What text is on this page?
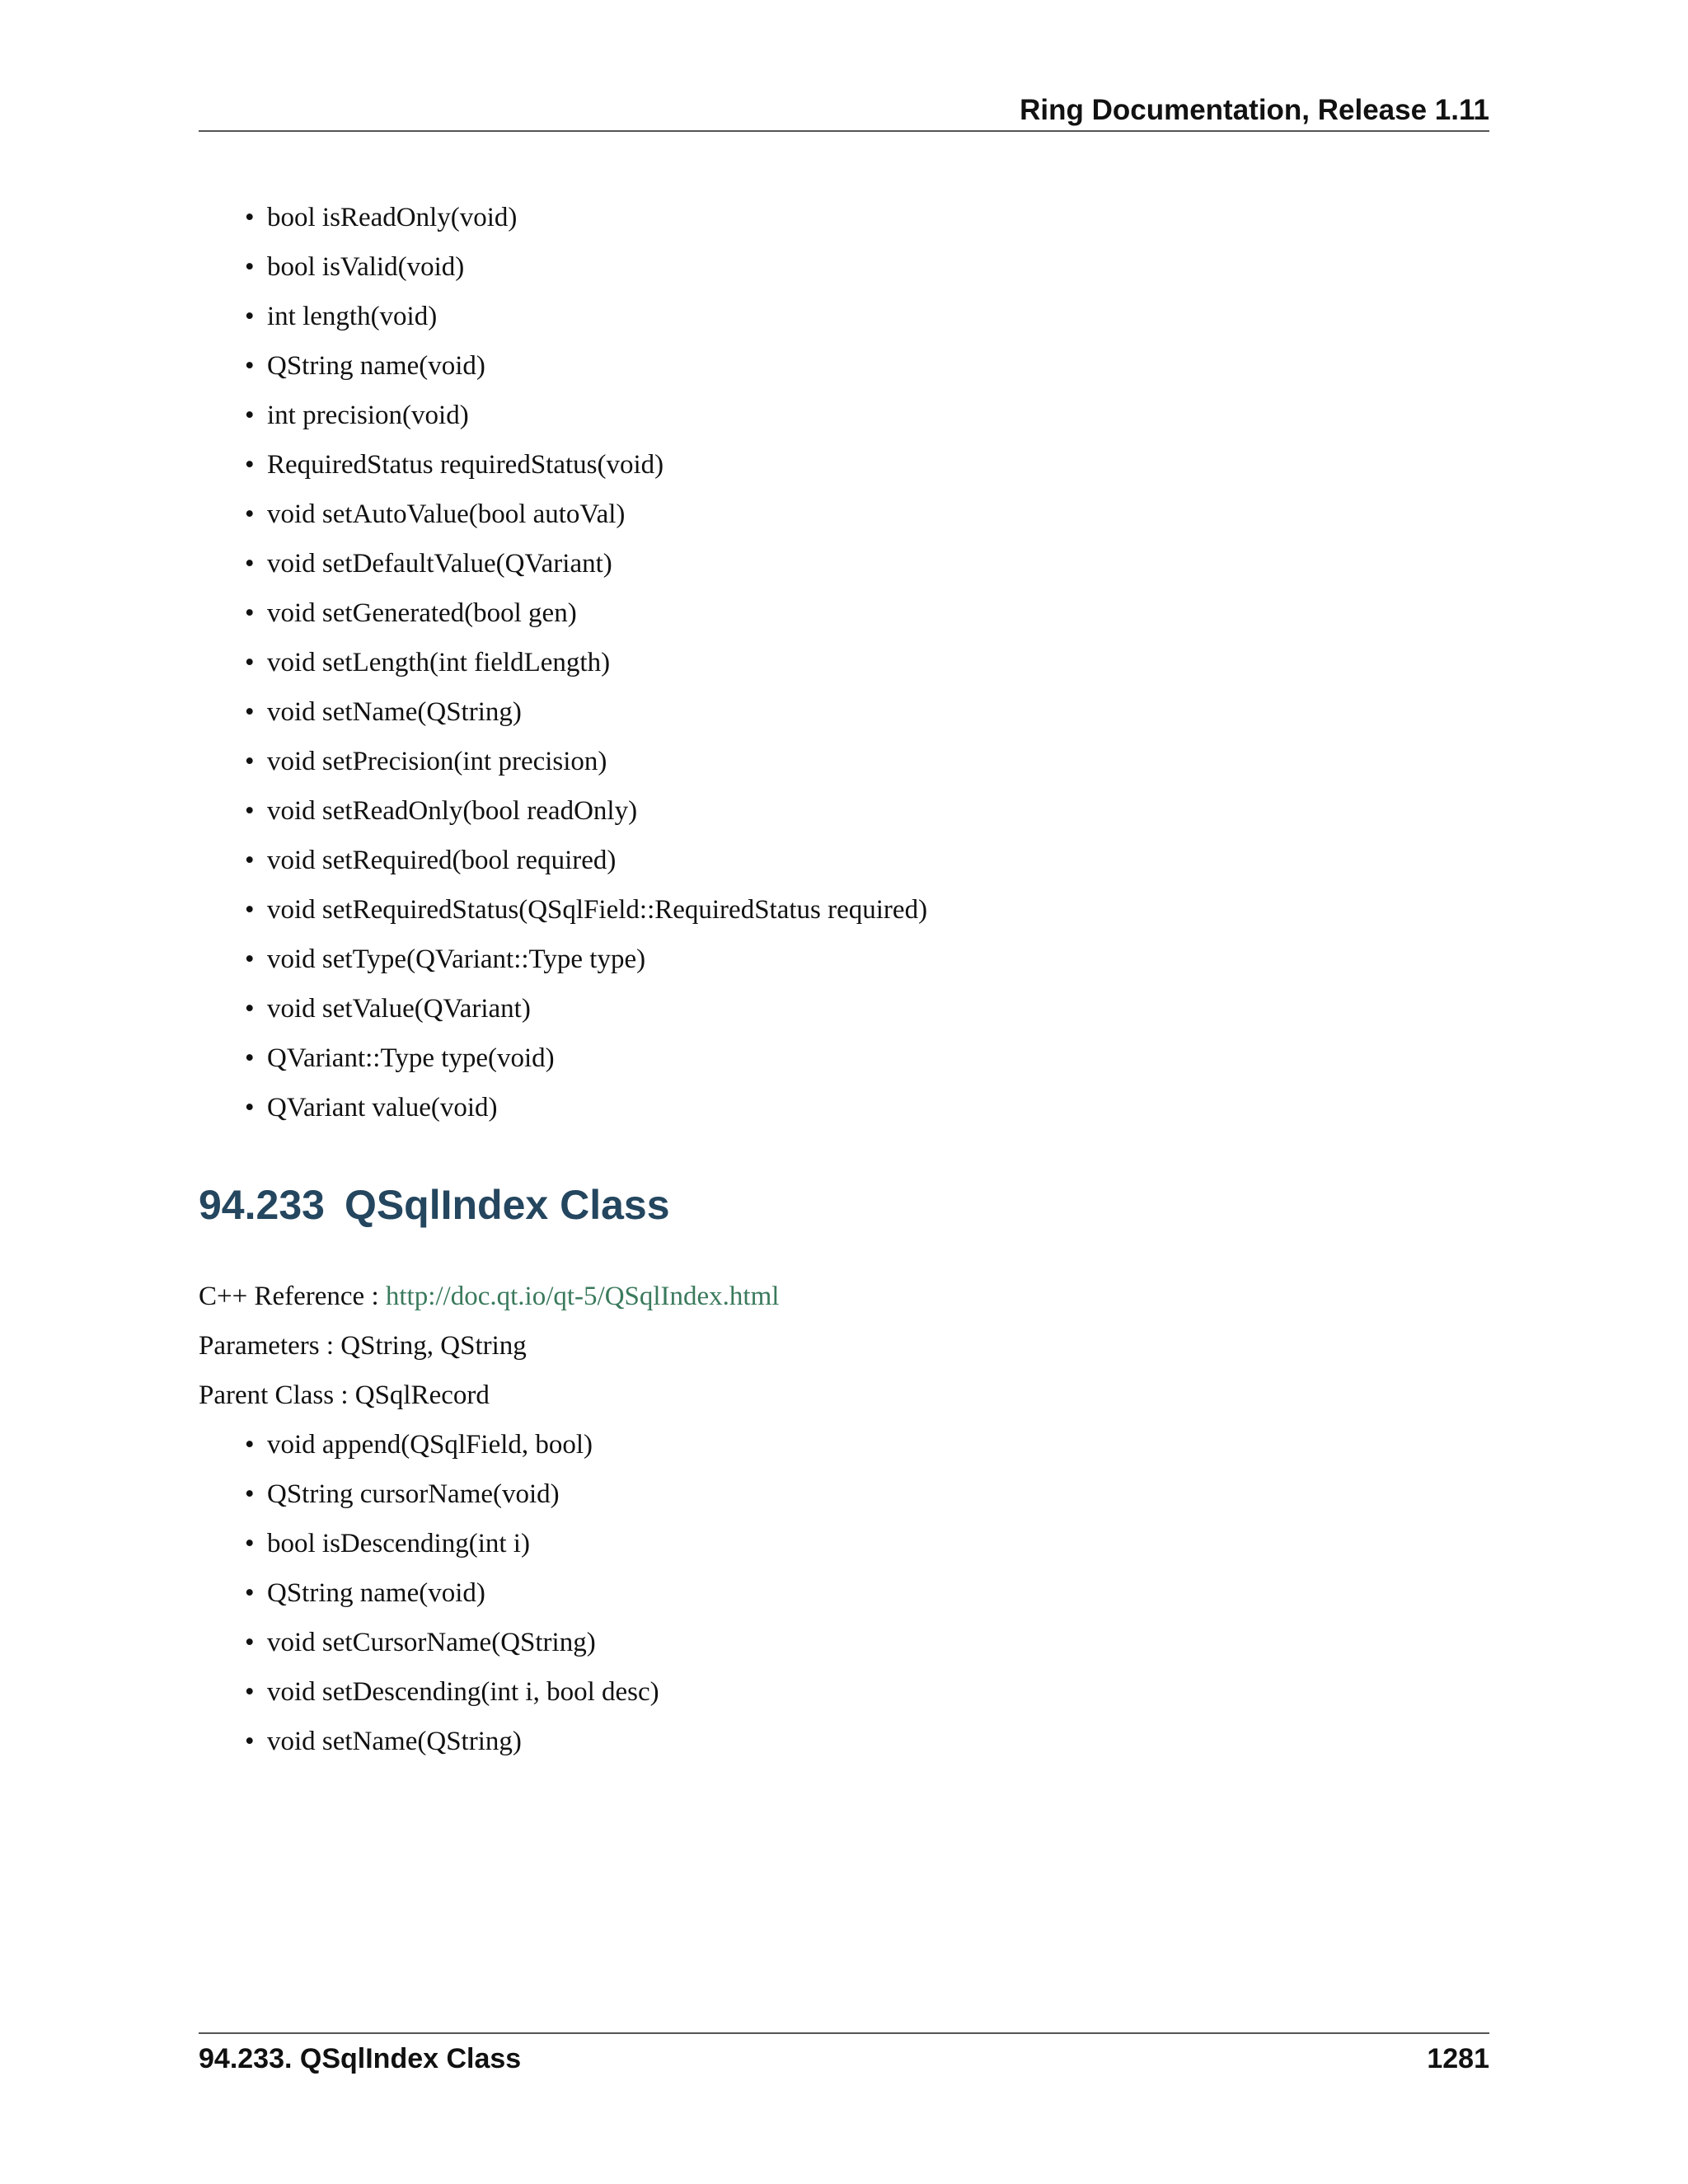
Ring Documentation, Release 1.11
• bool isReadOnly(void)
• bool isValid(void)
• int length(void)
• QString name(void)
• int precision(void)
• RequiredStatus requiredStatus(void)
• void setAutoValue(bool autoVal)
• void setDefaultValue(QVariant)
• void setGenerated(bool gen)
• void setLength(int fieldLength)
• void setName(QString)
• void setPrecision(int precision)
• void setReadOnly(bool readOnly)
• void setRequired(bool required)
• void setRequiredStatus(QSqlField::RequiredStatus required)
• void setType(QVariant::Type type)
• void setValue(QVariant)
• QVariant::Type type(void)
• QVariant value(void)
94.233 QSqlIndex Class

C++ Reference : http://doc.qt.io/qt-5/QSqlIndex.html

Parameters : QString, QString

Parent Class : QSqlRecord

• void append(QSqlField, bool)
• QString cursorName(void)
• bool isDescending(int i)
• QString name(void)
• void setCursorName(QString)
• void setDescending(int i, bool desc)
• void setName(QString)
94.233. QSqlIndex Class	1281
